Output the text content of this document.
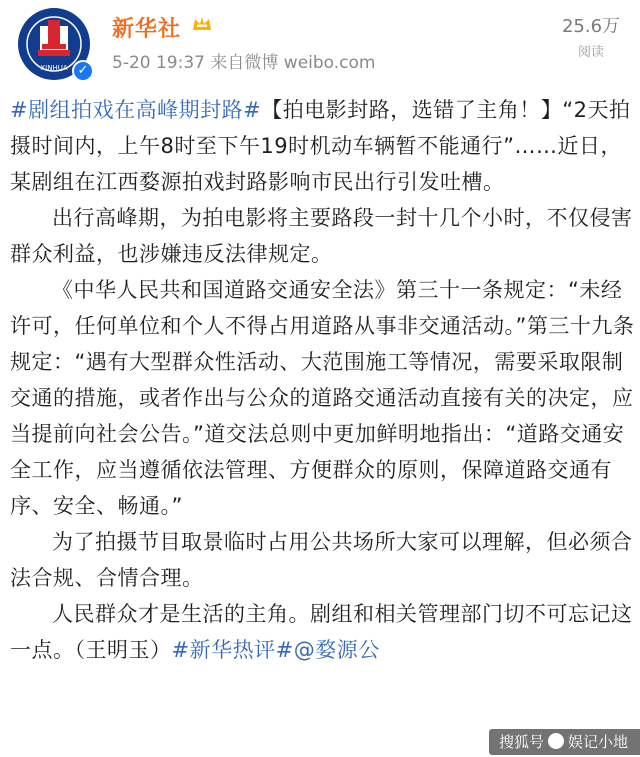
XINHUA ✓
新华社
5-20 19:37 来自微博 weibo.com
25.6万
阅读

#剧组拍戏在高峰期封路#【拍电影封路，选错了主角！】“2天拍摄时间内，上午8时至下午19时机动车辆暂不能通行”……近日，某剧组在江西婺源拍戏封路影响市民出行引发吐槽。

出行高峰期，为拍电影将主要路段一封十几个小时，不仅侵害群众利益，也涉嫌违反法律规定。

《中华人民共和国道路交通安全法》第三十一条规定：“未经许可，任何单位和个人不得占用道路从事非交通活动。”第三十九条规定：“遇有大型群众性活动、大范围施工等情况，需要采取限制交通的措施，或者作出与公众的道路交通活动直接有关的决定，应当提前向社会公告。”道交法总则中更加鲜明地指出：“道路交通安全工作，应当遵循依法管理、方便群众的原则，保障道路交通有序、安全、畅通。”

为了拍摄节目取景临时占用公共场所大家可以理解，但必须合法合规、合情合理。

人民群众才是生活的主角。剧组和相关管理部门切不可忘记这一点。（王明玉）#新华热评#@婺源公

搜狐号 娱记小地
